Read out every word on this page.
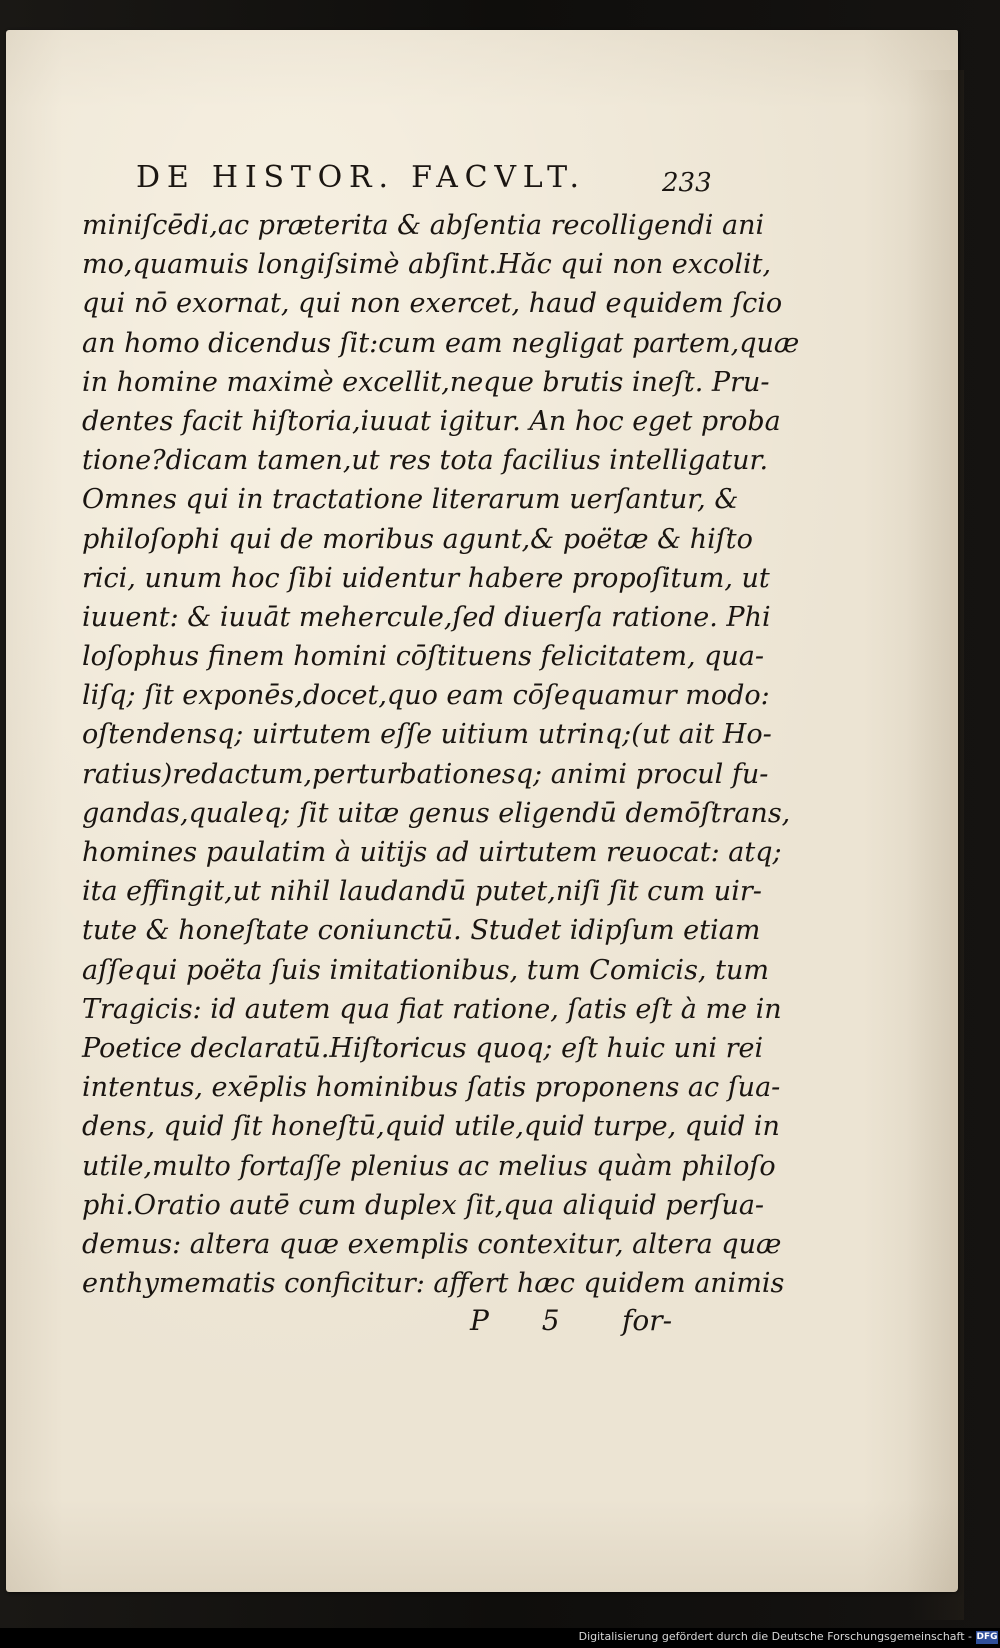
DE HISTOR. FACVLT.	233
miniſcēdi,ac præterita & abſentia recolligendi ani
mo,quamuis longiſsimè abſint.Hăc qui non excolit,
qui nō exornat, qui non exercet, haud equidem ſcio
an homo dicendus ſit:cum eam negligat partem,quæ
in homine maximè excellit,neque brutis ineſt. Pru-
dentes facit hiſtoria,iuuat igitur. An hoc eget proba
tione?dicam tamen,ut res tota facilius intelligatur.
Omnes qui in tractatione literarum uerſantur, &
philoſophi qui de moribus agunt,& poëtæ & hiſto
rici, unum hoc ſibi uidentur habere propoſitum, ut
iuuent: & iuuāt mehercule,ſed diuerſa ratione. Phi
loſophus finem homini cōſtituens felicitatem, qua-
liſq; ſit exponēs,docet,quo eam cōſequamur modo:
oſtendensq; uirtutem eſſe uitium utrinq;(ut ait Ho-
ratius)redactum,perturbationesq; animi procul fu-
gandas,qualeq; ſit uitæ genus eligendū demōſtrans,
homines paulatim à uitijs ad uirtutem reuocat: atq;
ita effingit,ut nihil laudandū putet,niſi ſit cum uir-
tute & honeſtate coniunctū. Studet idipſum etiam
aſſequi poëta ſuis imitationibus, tum Comicis, tum
Tragicis: id autem qua fiat ratione, ſatis eſt à me in
Poetice declaratū.Hiſtoricus quoq; eſt huic uni rei
intentus, exēplis hominibus ſatis proponens ac ſua-
dens, quid ſit honeſtū,quid utile,quid turpe, quid in
utile,multo fortaſſe plenius ac melius quàm philoſo
phi.Oratio autē cum duplex ſit,qua aliquid perſua-
demus: altera quæ exemplis contexitur, altera quæ
enthymematis conficitur: affert hæc quidem animis
P 5 for-
Digitalisierung gefördert durch die Deutsche Forschungsgemeinschaft - DFG
